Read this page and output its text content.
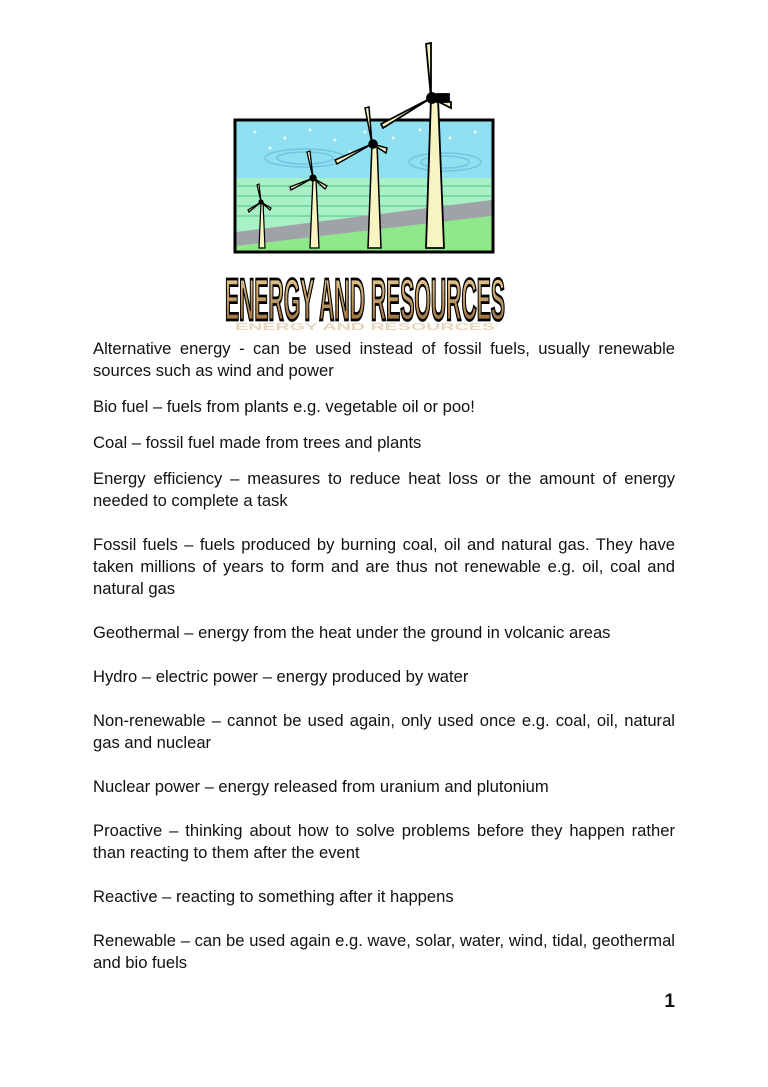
ENERGY AND RESOURCES
ENERGY AND RESOURCES

Alternative energy - can be used instead of fossil fuels, usually renewable sources such as wind and power

Bio fuel – fuels from plants e.g. vegetable oil or poo!

Coal – fossil fuel made from trees and plants

Energy efficiency – measures to reduce heat loss or the amount of energy needed to complete a task

Fossil fuels – fuels produced by burning coal, oil and natural gas. They have taken millions of years to form and are thus not renewable e.g. oil, coal and natural gas

Geothermal – energy from the heat under the ground in volcanic areas

Hydro – electric power – energy produced by water

Non-renewable – cannot be used again, only used once e.g. coal, oil, natural gas and nuclear

Nuclear power – energy released from uranium and plutonium

Proactive – thinking about how to solve problems before they happen rather than reacting to them after the event

Reactive – reacting to something after it happens

Renewable – can be used again e.g. wave, solar, water, wind, tidal, geothermal and bio fuels

1
